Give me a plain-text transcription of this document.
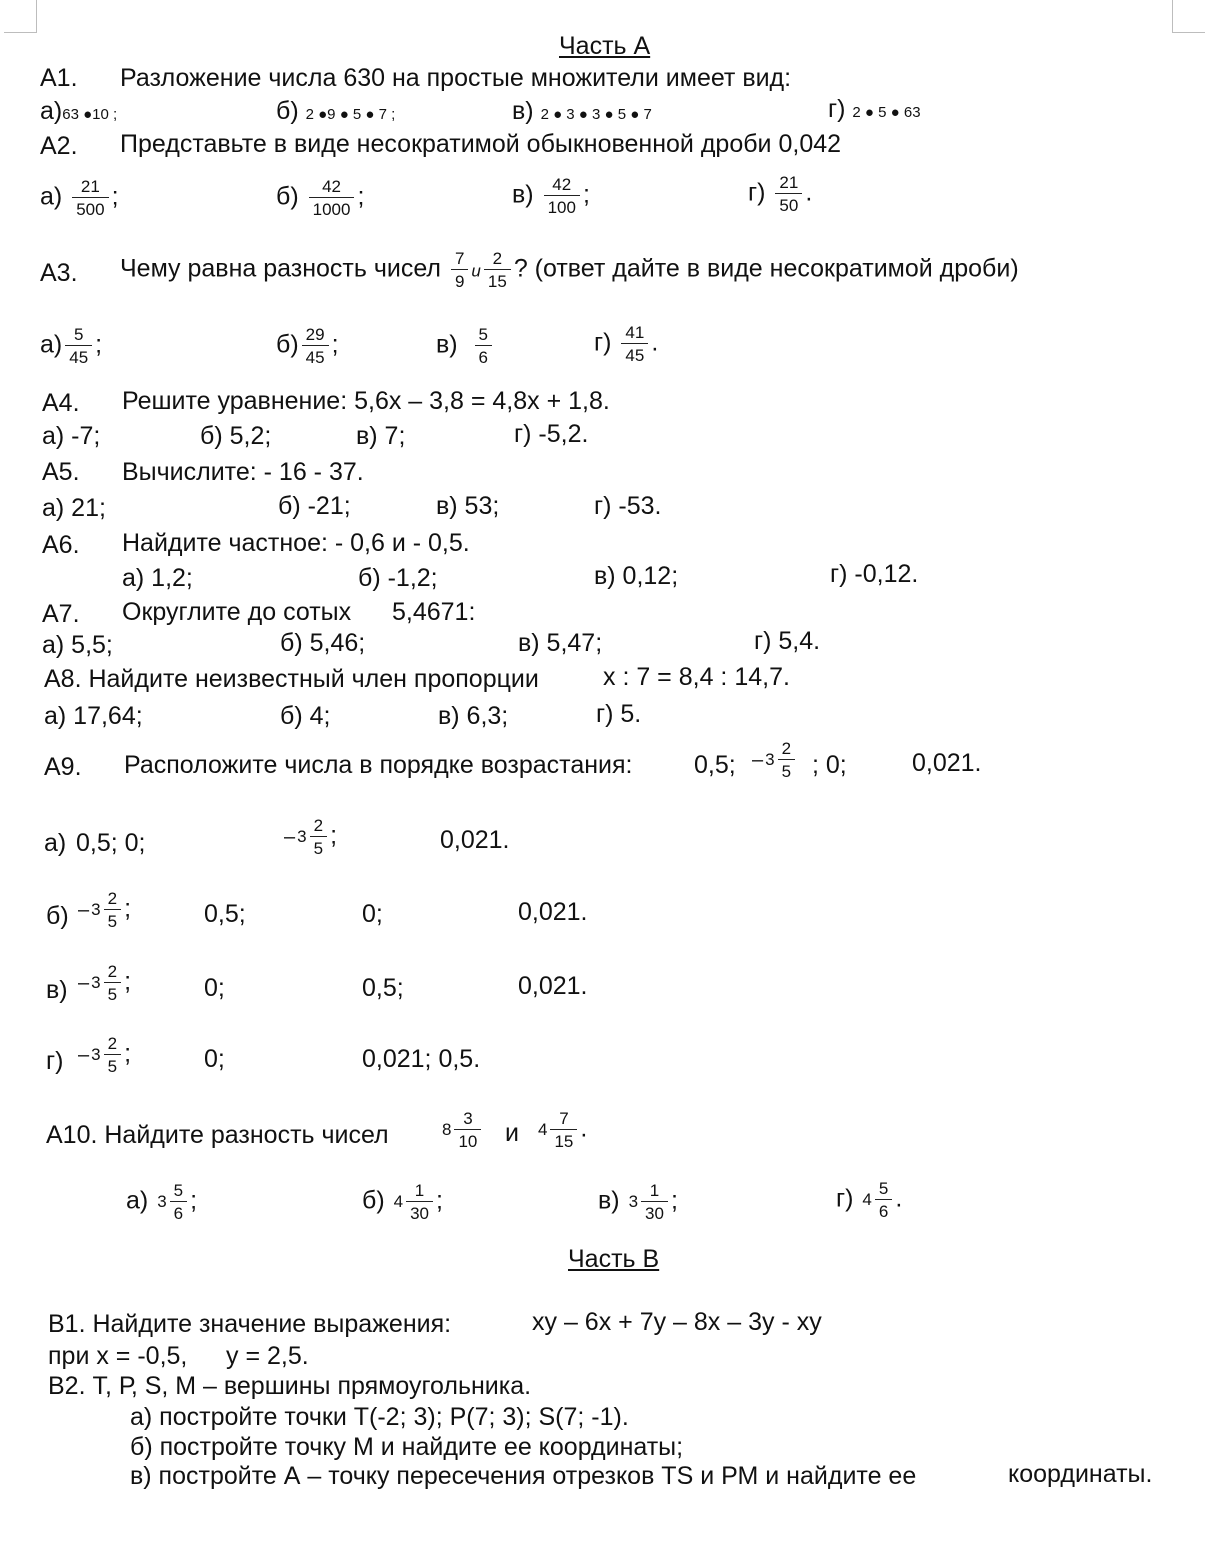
Часть А
А1. Разложение числа 630 на простые множители имеет вид:
а)63 ●10 ;	б) 2 ●9 ● 5 ● 7 ;	в) 2 ● 3 ● 3 ● 5 ● 7	г) 2 ● 5 ● 63
А2. Представьте в виде несократимой обыкновенной дроби 0,042
$а) \frac{21}{500}$ ;	$б) \frac{42}{1000}$ ;	$в) \frac{42}{100}$ ;	$г) \frac{21}{50}$ .
А3. Чему равна разность чисел $\frac{7}{9}$ и $\frac{2}{15}$ ? (ответ дайте в виде несократимой дроби)
$а) \frac{5}{45}$ ;	$б) \frac{29}{45}$ ;	$в) \frac{5}{6}$	$г) \frac{41}{45}$ .
А4. Решите уравнение: 5,6х – 3,8 = 4,8х + 1,8.
а) -7;	б) 5,2;	в) 7;	г) -5,2.
А5. Вычислите: - 16 - 37.
а) 21;	б) -21;	в) 53;	г) -53.
А6. Найдите частное: - 0,6 и - 0,5.
а) 1,2;	б) -1,2;	в) 0,12;	г) -0,12.
А7. Округлите до сотых 5,4671:
а) 5,5;	б) 5,46;	в) 5,47;	г) 5,4.
А8. Найдите неизвестный член пропорции	х : 7 = 8,4 : 14,7.
а) 17,64;	б) 4;	в) 6,3;	г) 5.
А9. Расположите числа в порядке возрастания: 0,5; – $3 \frac{2}{5}$ ; 0;	0,021.
а) 0,5; 0;	– $3 \frac{2}{5}$ ;	0,021.
$б) - 3 \frac{2}{5}$ ;	0,5;	0;	0,021.
$в) - 3 \frac{2}{5}$ ;	0;	0,5;	0,021.
$г) - 3 \frac{2}{5}$ ;	0;	0,021; 0,5.
А10. Найдите разность чисел	$8 \frac{3}{10}$ и $4 \frac{7}{15}$ .
а) $3 \frac{5}{6}$ ;	б) $4 \frac{1}{30}$ ;	в) $3 \frac{1}{30}$ ;	г) $4 \frac{5}{6}$ .
Часть В
В1. Найдите значение выражения:	ху – 6х + 7у – 8х – 3у - ху
при х = -0,5, у = 2,5.
В2. Т, Р, S, М – вершины прямоугольника.
а) постройте точки Т(-2; 3); Р(7; 3); S(7; -1).
б) постройте точку М и найдите ее координаты;
в) постройте А – точку пересечения отрезков TS и РМ и найдите ее	координаты.
